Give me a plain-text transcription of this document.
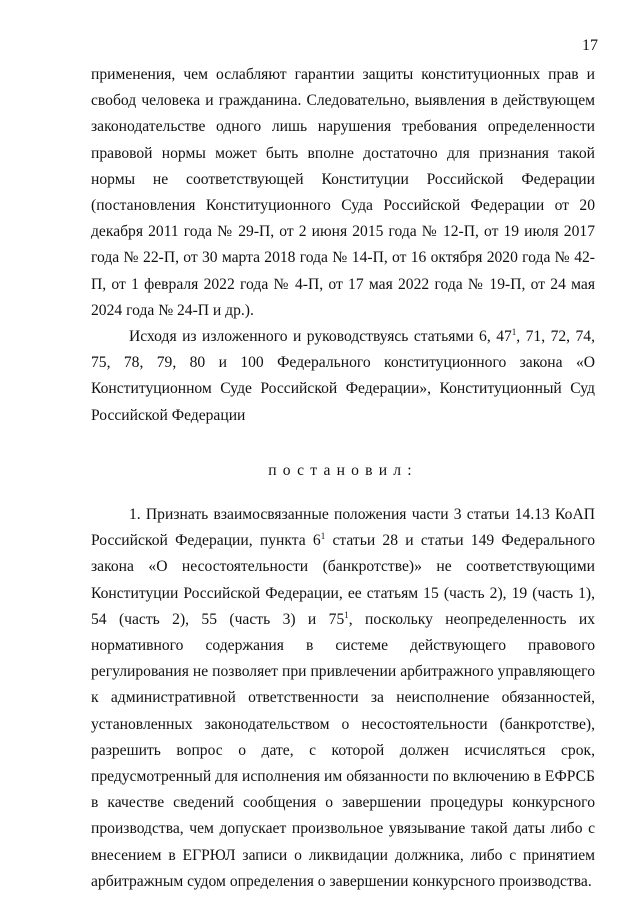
17

применения, чем ослабляют гарантии защиты конституционных прав и свобод человека и гражданина. Следовательно, выявления в действующем законодательстве одного лишь нарушения требования определенности правовой нормы может быть вполне достаточно для признания такой нормы не соответствующей Конституции Российской Федерации (постановления Конституционного Суда Российской Федерации от 20 декабря 2011 года № 29-П, от 2 июня 2015 года № 12-П, от 19 июля 2017 года № 22-П, от 30 марта 2018 года № 14-П, от 16 октября 2020 года № 42-П, от 1 февраля 2022 года № 4-П, от 17 мая 2022 года № 19-П, от 24 мая 2024 года № 24-П и др.).

Исходя из изложенного и руководствуясь статьями 6, $47^1$, 71, 72, 74, 75, 78, 79, 80 и 100 Федерального конституционного закона «О Конституционном Суде Российской Федерации», Конституционный Суд Российской Федерации

постановил:

1. Признать взаимосвязанные положения части 3 статьи 14.13 КоАП Российской Федерации, пункта $6^1$ статьи 28 и статьи 149 Федерального закона «О несостоятельности (банкротстве)» не соответствующими Конституции Российской Федерации, ее статьям 15 (часть 2), 19 (часть 1), 54 (часть 2), 55 (часть 3) и $75^1$, поскольку неопределенность их нормативного содержания в системе действующего правового регулирования не позволяет при привлечении арбитражного управляющего к административной ответственности за неисполнение обязанностей, установленных законодательством о несостоятельности (банкротстве), разрешить вопрос о дате, с которой должен исчисляться срок, предусмотренный для исполнения им обязанности по включению в ЕФРСБ в качестве сведений сообщения о завершении процедуры конкурсного производства, чем допускает произвольное увязывание такой даты либо с внесением в ЕГРЮЛ записи о ликвидации должника, либо с принятием арбитражным судом определения о завершении конкурсного производства.
